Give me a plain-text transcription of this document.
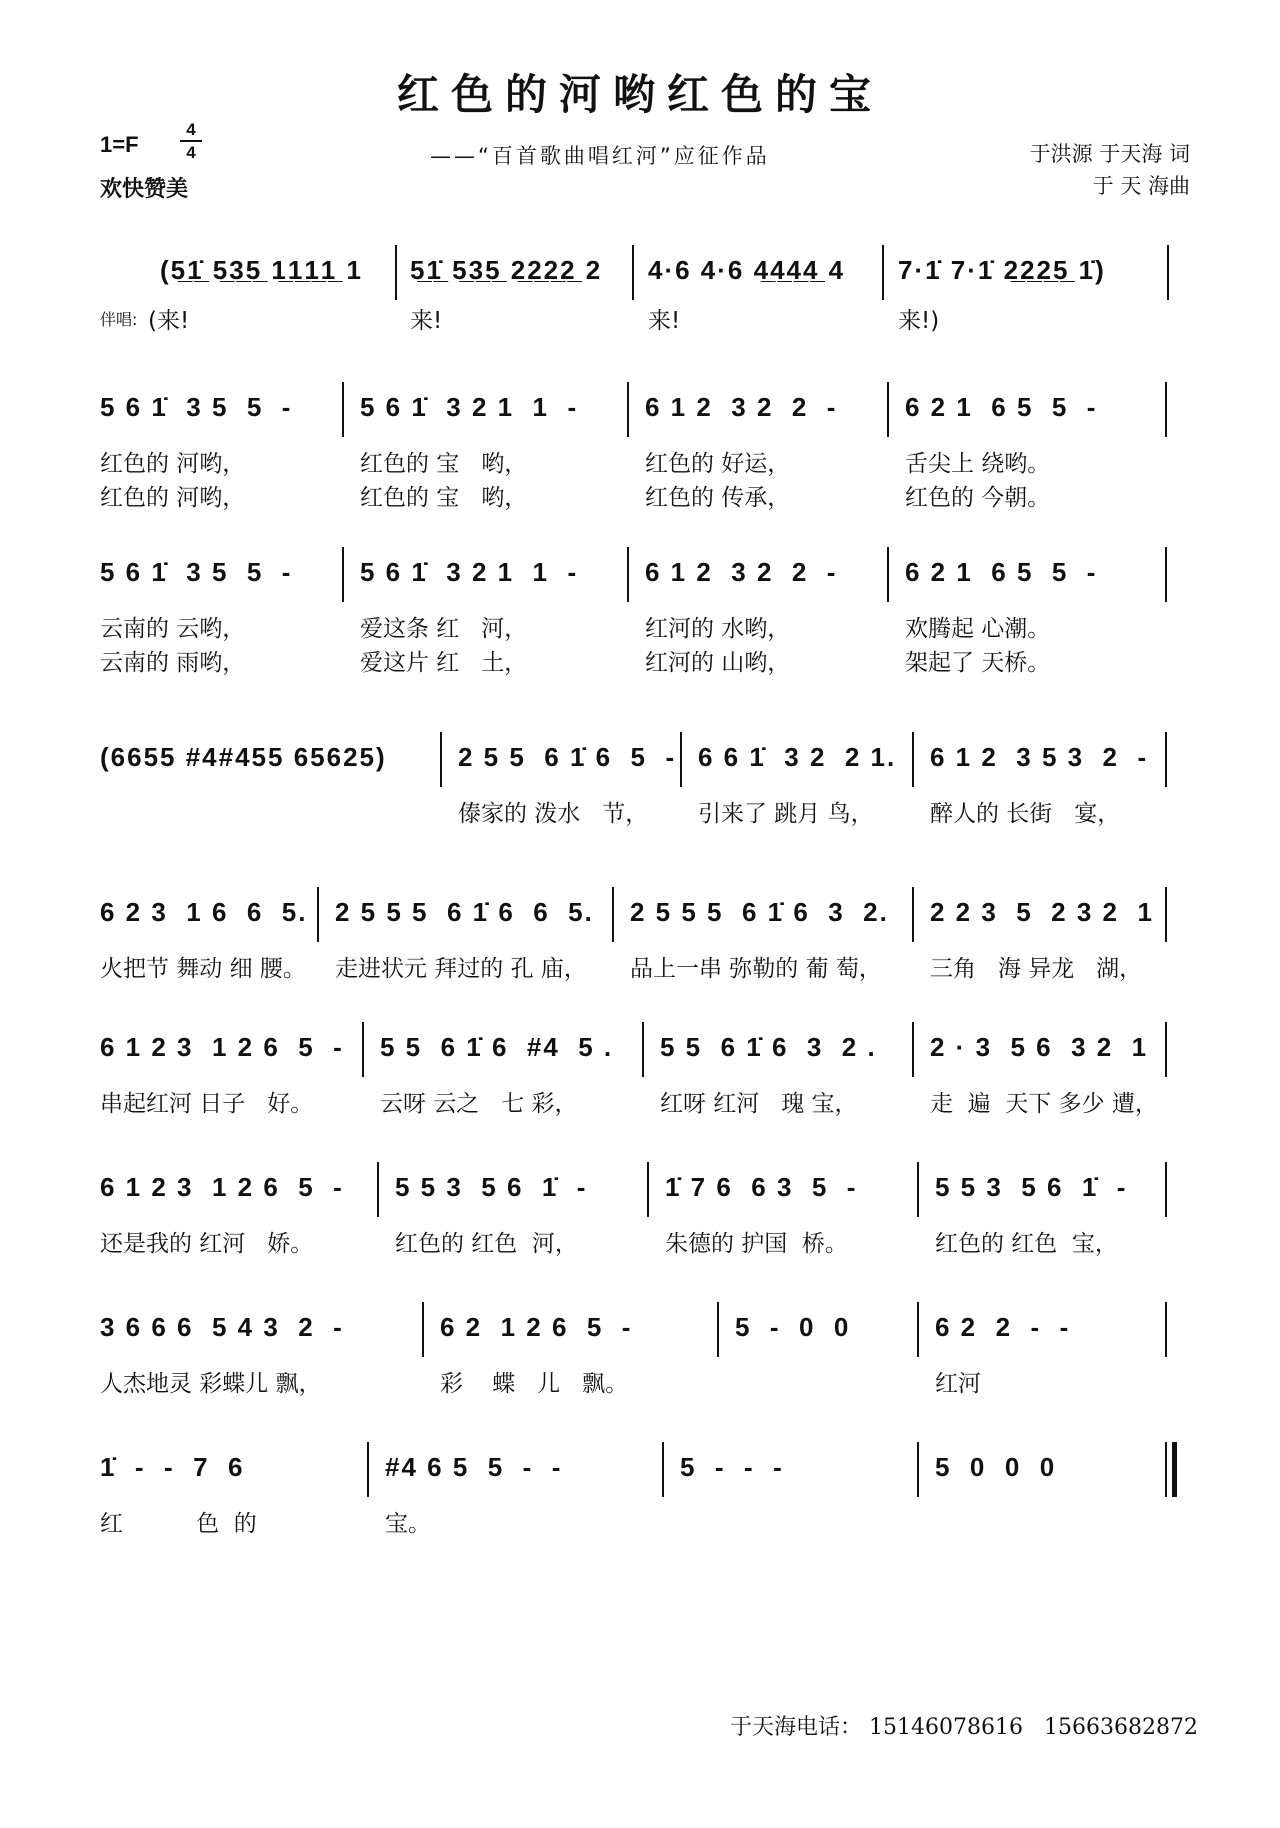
红色的河哟红色的宝
1=F
4
4
欢快赞美
——“百首歌曲唱红河”应征作品	于洪源 于天海 词
于 天 海曲
(5̲1̲̇ 5̲3̲5̲ 1̲1̲1̲1̲ 1 5̲1̲̇ 5̲3̲5̲ 2̲2̲2̲2̲ 2 4·6 4·6 4̲4̲4̲4̲ 4 7·1̇ 7·1̇ 2̲2̲2̲5̲ 1̇)
伴唱: (来!	来!	来!	来!)
5 6 1̇  3 5  5  -
红色的 河哟，
红色的 河哟，
5 6 1̇  3 2 1  1  -
红色的 宝   哟，
红色的 宝   哟，
6 1 2  3 2  2  -
红色的 好运，
红色的 传承，
6 2 1  6 5  5  -
舌尖上 绕哟。
红色的 今朝。
5 6 1̇  3 5  5  -
云南的 云哟，
云南的 雨哟，
5 6 1̇  3 2 1  1  -
爱这条 红   河，
爱这片 红   土，
6 1 2  3 2  2  -
红河的 水哟，
红河的 山哟，
6 2 1  6 5  5  -
欢腾起 心潮。
架起了 天桥。
(6655 #4#455 65625)	2 5 5  6 1̇ 6  5  -
傣家的 泼水   节，
6 6 1̇  3 2  2 1.
引来了 跳月 鸟，
6 1 2  3 5 3  2  -
醉人的 长街   宴，
6 2 3  1 6  6  5.
火把节 舞动 细 腰。
2 5 5 5  6 1̇ 6  6  5.
走进状元 拜过的 孔 庙，
2 5 5 5  6 1̇ 6  3  2.
品上一串 弥勒的 葡 萄，
2 2 3  5  2 3 2  1
三角   海 异龙   湖，
6 1 2 3  1 2 6  5  -
串起红河 日子   好。
5 5  6 1̇ 6  #4  5 .
云呀 云之   七 彩，
5 5  6 1̇ 6  3  2 .
红呀 红河   瑰 宝，
2 · 3  5 6  3 2  1
走  遍  天下 多少 遭，
6 1 2 3  1 2 6  5  -
还是我的 红河   娇。
5 5 3  5 6  1̇  -
红色的 红色  河，
1̇ 7 6  6 3  5  -
朱德的 护国  桥。
5 5 3  5 6  1̇  -
红色的 红色  宝，
3 6 6 6  5 4 3  2  -
人杰地灵 彩蝶儿 飘，
6 2  1 2 6  5  -
彩    蝶   儿   飘。
5  -  0  0	6 2  2  -  -
红河
1̇  -  -  7  6
红          色  的
#4 6 5  5  -  -
宝。
5  -  -  -	5  0  0  0
于天海电话： 15146078616 15663682872
